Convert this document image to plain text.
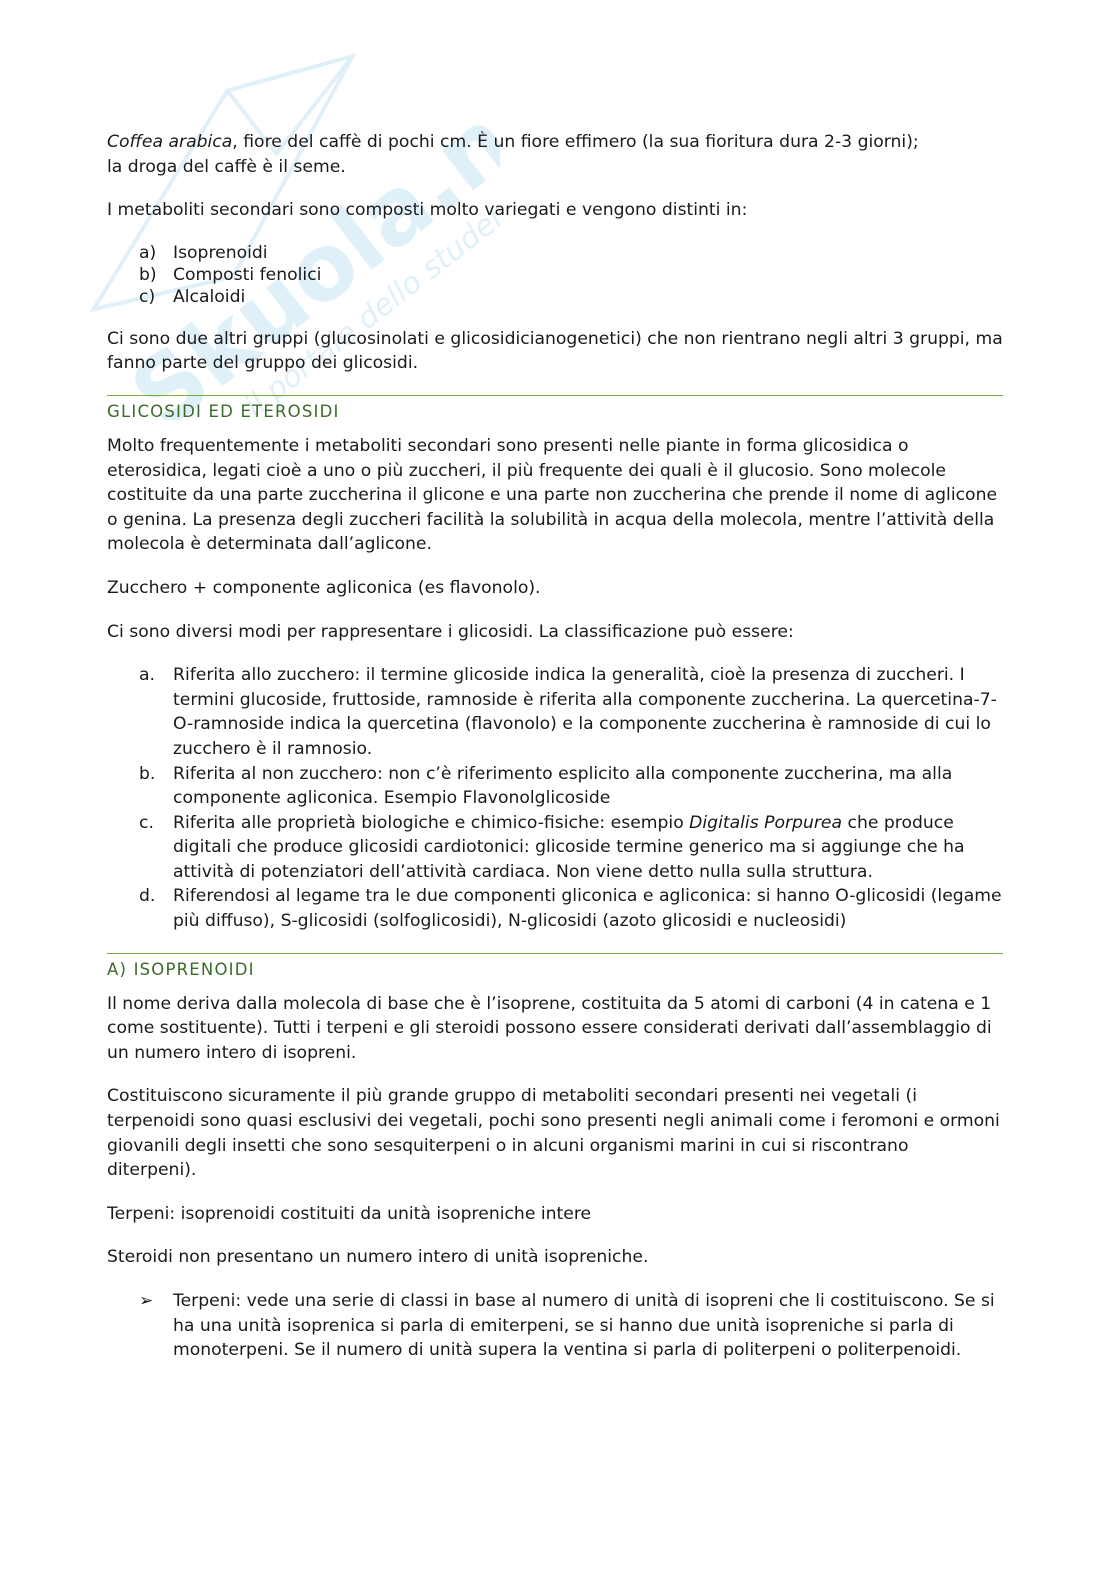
Skuola.net
il portale dello studente

Coffea arabica, fiore del caffè di pochi cm. È un fiore effimero (la sua fioritura dura 2-3 giorni);
la droga del caffè è il seme.

I metaboliti secondari sono composti molto variegati e vengono distinti in:

a) Isoprenoidi
b) Composti fenolici
c) Alcaloidi

Ci sono due altri gruppi (glucosinolati e glicosidicianogenetici) che non rientrano negli altri 3 gruppi, ma fanno parte del gruppo dei glicosidi.

GLICOSIDI ED ETEROSIDI

Molto frequentemente i metaboliti secondari sono presenti nelle piante in forma glicosidica o eterosidica, legati cioè a uno o più zuccheri, il più frequente dei quali è il glucosio. Sono molecole costituite da una parte zuccherina il glicone e una parte non zuccherina che prende il nome di aglicone o genina. La presenza degli zuccheri facilità la solubilità in acqua della molecola, mentre l’attività della molecola è determinata dall’aglicone.

Zucchero + componente agliconica (es flavonolo).

Ci sono diversi modi per rappresentare i glicosidi. La classificazione può essere:

a. Riferita allo zucchero: il termine glicoside indica la generalità, cioè la presenza di zuccheri. I termini glucoside, fruttoside, ramnoside è riferita alla componente zuccherina. La quercetina-7-O-ramnoside indica la quercetina (flavonolo) e la componente zuccherina è ramnoside di cui lo zucchero è il ramnosio.
b. Riferita al non zucchero: non c’è riferimento esplicito alla componente zuccherina, ma alla componente agliconica. Esempio Flavonolglicoside
c. Riferita alle proprietà biologiche e chimico-fisiche: esempio Digitalis Porpurea che produce digitali che produce glicosidi cardiotonici: glicoside termine generico ma si aggiunge che ha attività di potenziatori dell’attività cardiaca. Non viene detto nulla sulla struttura.
d. Riferendosi al legame tra le due componenti gliconica e agliconica: si hanno O-glicosidi (legame più diffuso), S-glicosidi (solfoglicosidi), N-glicosidi (azoto glicosidi e nucleosidi)
A) ISOPRENOIDI

Il nome deriva dalla molecola di base che è l’isoprene, costituita da 5 atomi di carboni (4 in catena e 1 come sostituente). Tutti i terpeni e gli steroidi possono essere considerati derivati dall’assemblaggio di un numero intero di isopreni.

Costituiscono sicuramente il più grande gruppo di metaboliti secondari presenti nei vegetali (i terpenoidi sono quasi esclusivi dei vegetali, pochi sono presenti negli animali come i feromoni e ormoni giovanili degli insetti che sono sesquiterpeni o in alcuni organismi marini in cui si riscontrano diterpeni).

Terpeni: isoprenoidi costituiti da unità isopreniche intere

Steroidi non presentano un numero intero di unità isopreniche.

➢ Terpeni: vede una serie di classi in base al numero di unità di isopreni che li costituiscono. Se si ha una unità isoprenica si parla di emiterpeni, se si hanno due unità isopreniche si parla di monoterpeni. Se il numero di unità supera la ventina si parla di politerpeni o politerpenoidi.
